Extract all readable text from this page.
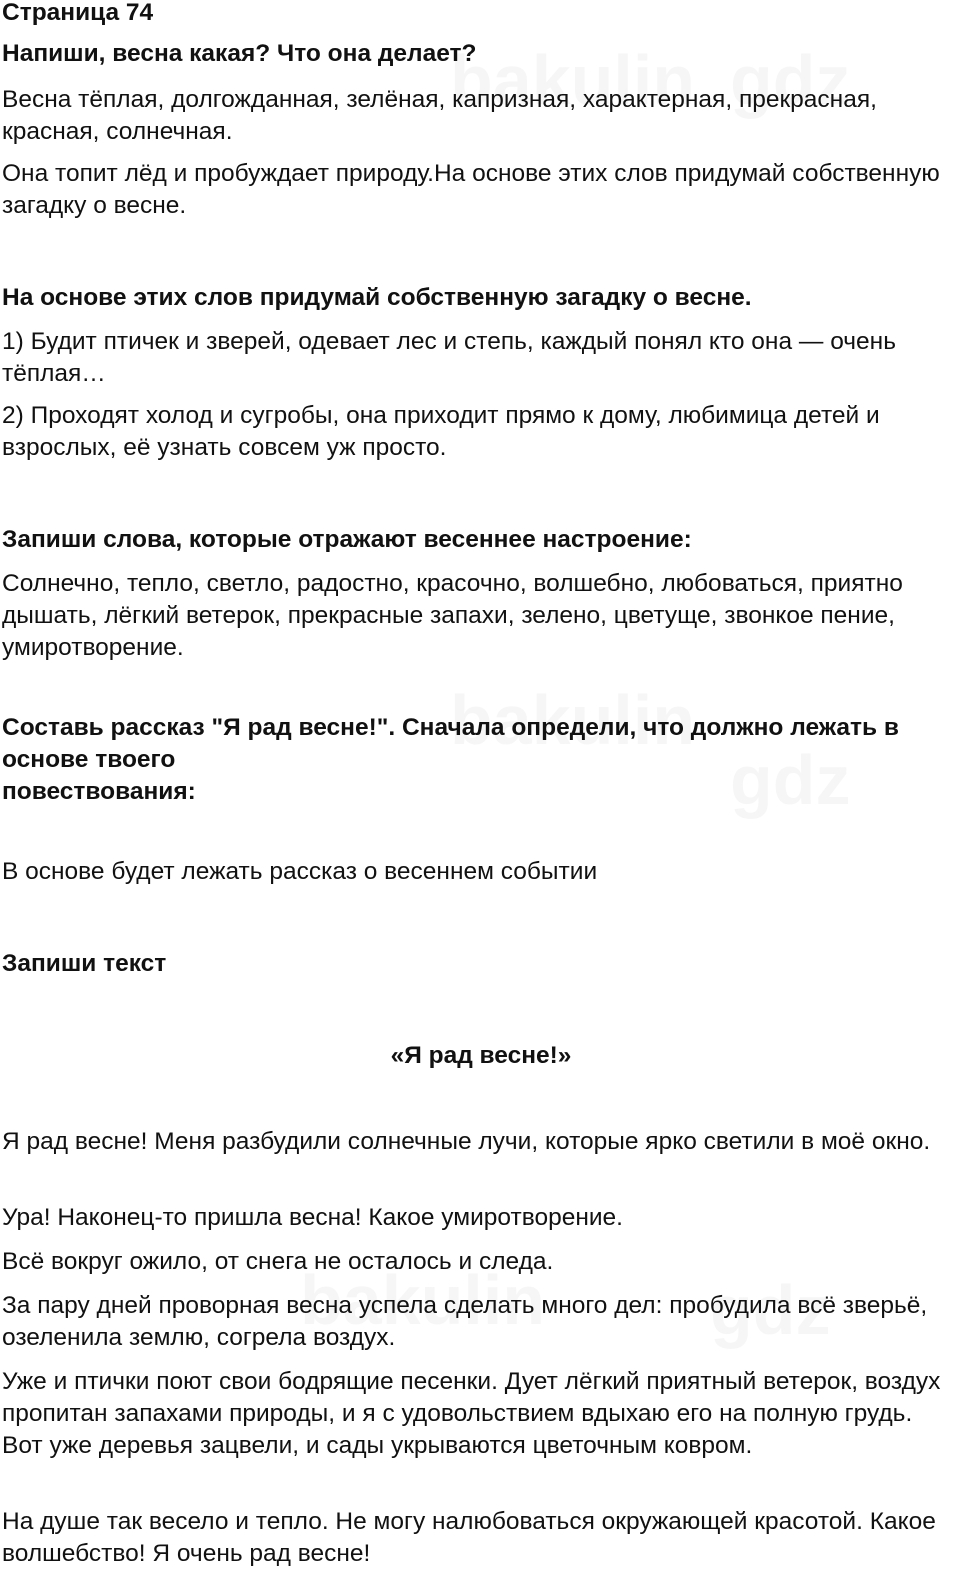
Страница 74
Напиши, весна какая? Что она делает?
Весна тёплая, долгожданная, зелёная, капризная, характерная, прекрасная, красная, солнечная.
Она топит лёд и пробуждает природу.На основе этих слов придумай собственную загадку о весне.
На основе этих слов придумай собственную загадку о весне.
1) Будит птичек и зверей, одевает лес и степь, каждый понял кто она — очень тёплая…
2) Проходят холод и сугробы, она приходит прямо к дому, любимица детей и взрослых, её узнать совсем уж просто.
Запиши слова, которые отражают весеннее настроение:
Солнечно, тепло, светло, радостно, красочно, волшебно, любоваться, приятно дышать, лёгкий ветерок, прекрасные запахи, зелено, цветуще, звонкое пение, умиротворение.
Составь рассказ "Я рад весне!". Сначала определи, что должно лежать в основе твоего
повествования:
В основе будет лежать рассказ о весеннем событии
Запиши текст
«Я рад весне!»
Я рад весне! Меня разбудили солнечные лучи, которые ярко светили в моё окно.
Ура! Наконец-то пришла весна! Какое умиротворение.
Всё вокруг ожило, от снега не осталось и следа.
За пару дней проворная весна успела сделать много дел: пробудила всё зверьё, озеленила землю, согрела воздух.
Уже и птички поют свои бодрящие песенки. Дует лёгкий приятный ветерок, воздух пропитан запахами природы, и я с удовольствием вдыхаю его на полную грудь. Вот уже деревья зацвели, и сады укрываются цветочным ковром.
На душе так весело и тепло. Не могу налюбоваться окружающей красотой. Какое волшебство! Я очень рад весне!
